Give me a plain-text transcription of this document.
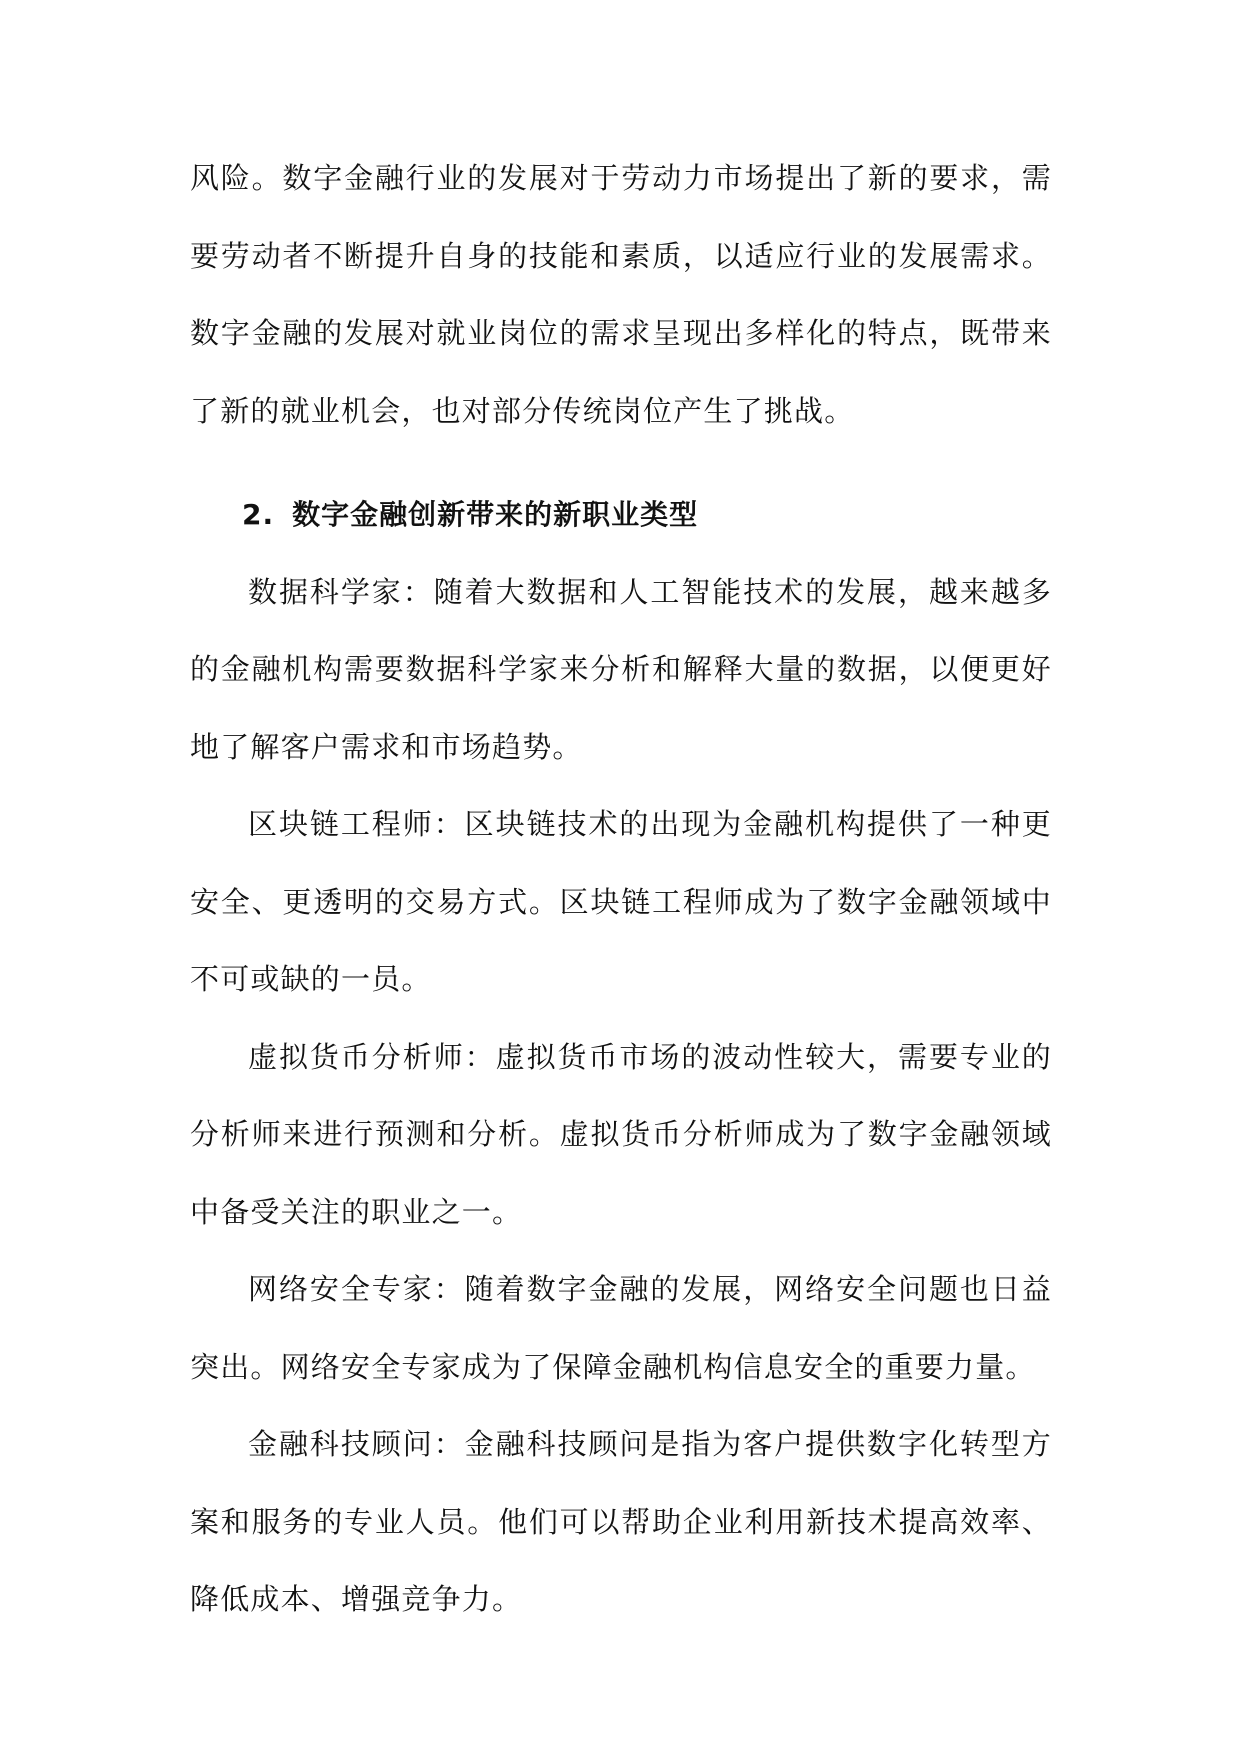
风险。数字金融行业的发展对于劳动力市场提出了新的要求，需要劳动者不断提升自身的技能和素质，以适应行业的发展需求。数字金融的发展对就业岗位的需求呈现出多样化的特点，既带来了新的就业机会，也对部分传统岗位产生了挑战。

2. 数字金融创新带来的新职业类型

数据科学家：随着大数据和人工智能技术的发展，越来越多的金融机构需要数据科学家来分析和解释大量的数据，以便更好地了解客户需求和市场趋势。

区块链工程师：区块链技术的出现为金融机构提供了一种更安全、更透明的交易方式。区块链工程师成为了数字金融领域中不可或缺的一员。

虚拟货币分析师：虚拟货币市场的波动性较大，需要专业的分析师来进行预测和分析。虚拟货币分析师成为了数字金融领域中备受关注的职业之一。

网络安全专家：随着数字金融的发展，网络安全问题也日益突出。网络安全专家成为了保障金融机构信息安全的重要力量。

金融科技顾问：金融科技顾问是指为客户提供数字化转型方案和服务的专业人员。他们可以帮助企业利用新技术提高效率、降低成本、增强竞争力。
